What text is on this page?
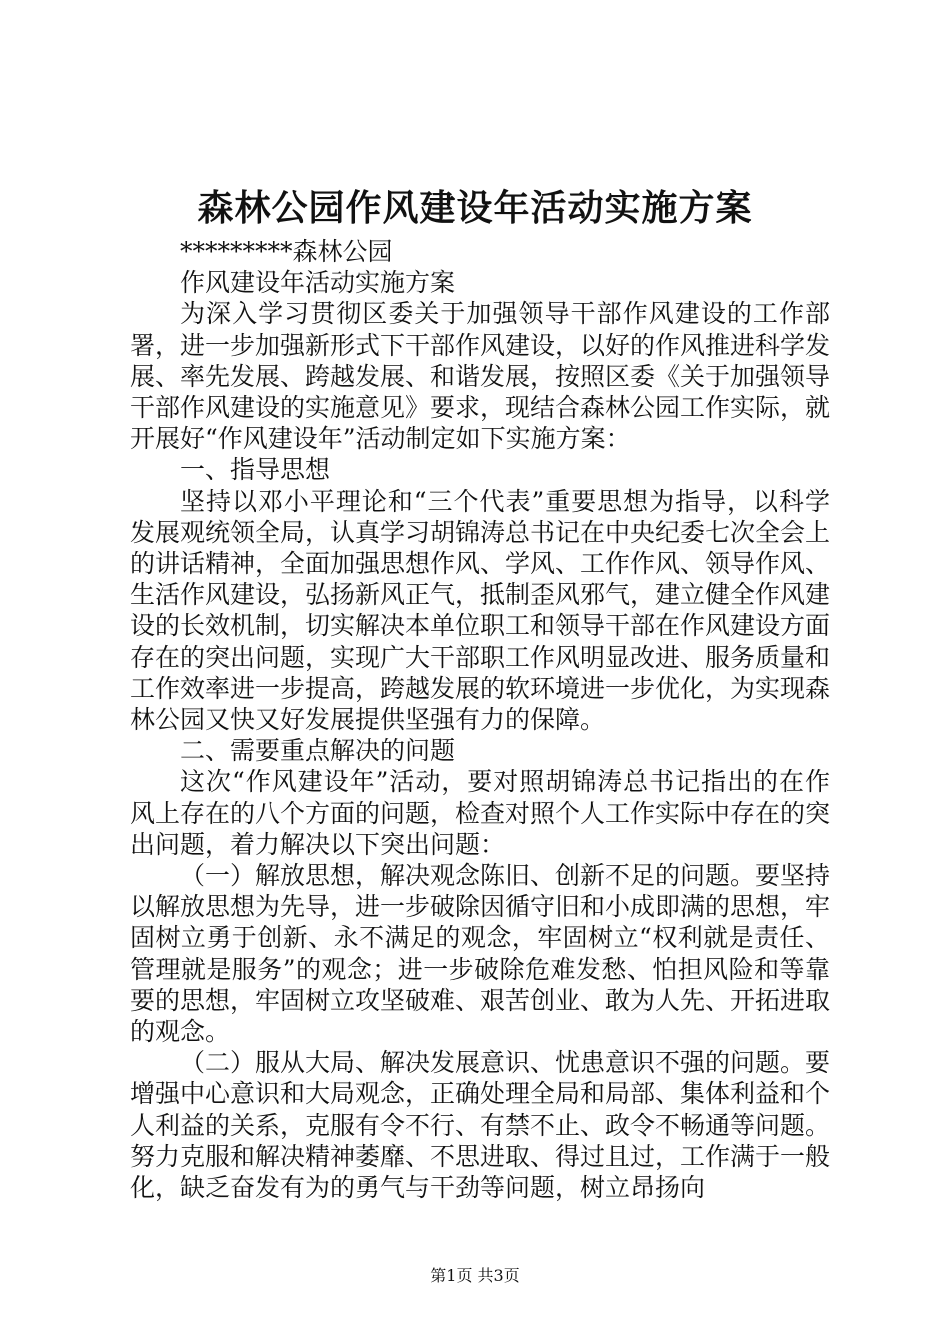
森林公园作风建设年活动实施方案

*********森林公园

作风建设年活动实施方案

为深入学习贯彻区委关于加强领导干部作风建设的工作部署，进一步加强新形式下干部作风建设，以好的作风推进科学发展、率先发展、跨越发展、和谐发展，按照区委《关于加强领导干部作风建设的实施意见》要求，现结合森林公园工作实际，就开展好“作风建设年”活动制定如下实施方案：

一、指导思想

坚持以邓小平理论和“三个代表”重要思想为指导，以科学发展观统领全局，认真学习胡锦涛总书记在中央纪委七次全会上的讲话精神，全面加强思想作风、学风、工作作风、领导作风、生活作风建设，弘扬新风正气，抵制歪风邪气，建立健全作风建设的长效机制，切实解决本单位职工和领导干部在作风建设方面存在的突出问题，实现广大干部职工作风明显改进、服务质量和工作效率进一步提高，跨越发展的软环境进一步优化，为实现森林公园又快又好发展提供坚强有力的保障。

二、需要重点解决的问题

这次“作风建设年”活动，要对照胡锦涛总书记指出的在作风上存在的八个方面的问题，检查对照个人工作实际中存在的突出问题，着力解决以下突出问题：

（一）解放思想，解决观念陈旧、创新不足的问题。要坚持以解放思想为先导，进一步破除因循守旧和小成即满的思想，牢固树立勇于创新、永不满足的观念，牢固树立“权利就是责任、管理就是服务”的观念；进一步破除危难发愁、怕担风险和等靠要的思想，牢固树立攻坚破难、艰苦创业、敢为人先、开拓进取的观念。

（二）服从大局、解决发展意识、忧患意识不强的问题。要增强中心意识和大局观念，正确处理全局和局部、集体利益和个人利益的关系，克服有令不行、有禁不止、政令不畅通等问题。努力克服和解决精神萎靡、不思进取、得过且过，工作满于一般化，缺乏奋发有为的勇气与干劲等问题，树立昂扬向

第1页 共3页
